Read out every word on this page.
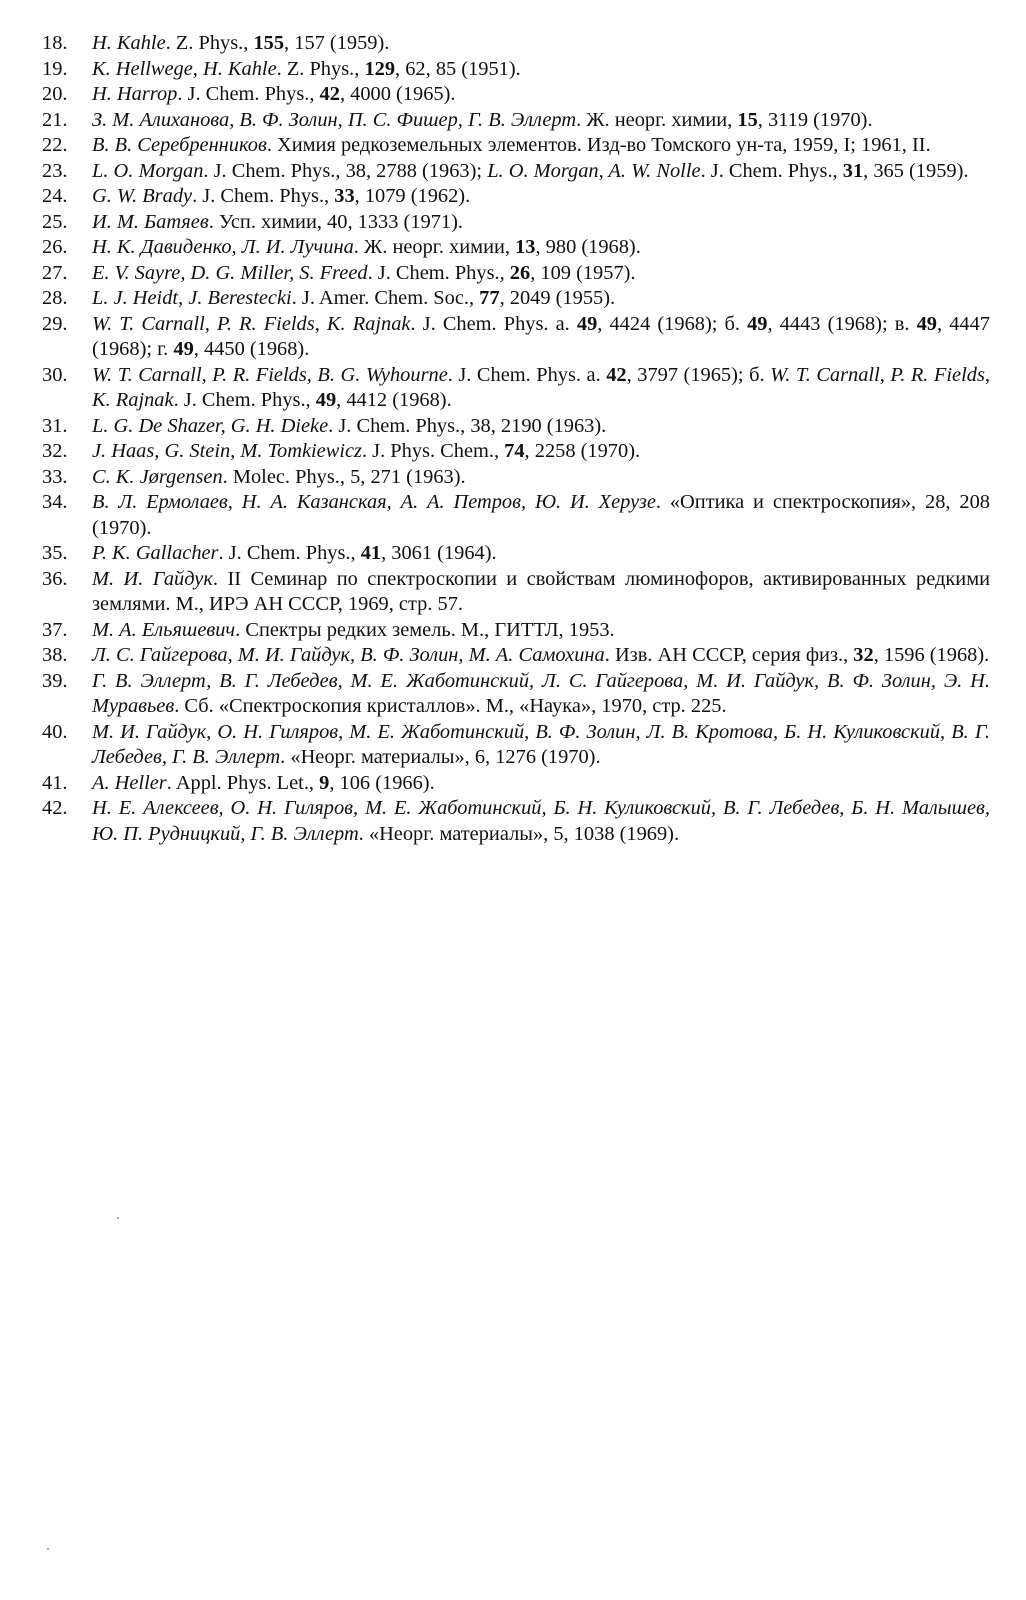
18.	H. Kahle. Z. Phys., 155, 157 (1959).
19.	K. Hellwege, H. Kahle. Z. Phys., 129, 62, 85 (1951).
20.	H. Harrop. J. Chem. Phys., 42, 4000 (1965).
21.	З. М. Алиханова, В. Ф. Золин, П. С. Фишер, Г. В. Эллерт. Ж. неорг. химии, 15, 3119 (1970).
22.	В. В. Серебренников. Химия редкоземельных элементов. Изд-во Томского ун-та, 1959, I; 1961, II.
23.	L. O. Morgan. J. Chem. Phys., 38, 2788 (1963); L. O. Morgan, A. W. Nolle. J. Chem. Phys., 31, 365 (1959).
24.	G. W. Brady. J. Chem. Phys., 33, 1079 (1962).
25.	И. М. Батяев. Усп. химии, 40, 1333 (1971).
26.	Н. К. Давиденко, Л. И. Лучина. Ж. неорг. химии, 13, 980 (1968).
27.	E. V. Sayre, D. G. Miller, S. Freed. J. Chem. Phys., 26, 109 (1957).
28.	L. J. Heidt, J. Berestecki. J. Amer. Chem. Soc., 77, 2049 (1955).
29.	W. T. Carnall, P. R. Fields, K. Rajnak. J. Chem. Phys. а. 49, 4424 (1968); б. 49, 4443 (1968); в. 49, 4447 (1968); г. 49, 4450 (1968).
30.	W. T. Carnall, P. R. Fields, B. G. Wyhourne. J. Chem. Phys. а. 42, 3797 (1965); б. W. T. Carnall, P. R. Fields, K. Rajnak. J. Chem. Phys., 49, 4412 (1968).
31.	L. G. De Shazer, G. H. Dieke. J. Chem. Phys., 38, 2190 (1963).
32.	J. Haas, G. Stein, M. Tomkiewicz. J. Phys. Chem., 74, 2258 (1970).
33.	C. K. Jørgensen. Molec. Phys., 5, 271 (1963).
34.	В. Л. Ермолаев, Н. А. Казанская, А. А. Петров, Ю. И. Херузе. «Оптика и спектроскопия», 28, 208 (1970).
35.	P. K. Gallacher. J. Chem. Phys., 41, 3061 (1964).
36.	М. И. Гайдук. II Семинар по спектроскопии и свойствам люминофоров, активированных редкими землями. М., ИРЭ АН СССР, 1969, стр. 57.
37.	М. А. Ельяшевич. Спектры редких земель. М., ГИТТЛ, 1953.
38.	Л. С. Гайгерова, М. И. Гайдук, В. Ф. Золин, М. А. Самохина. Изв. АН СССР, серия физ., 32, 1596 (1968).
39.	Г. В. Эллерт, В. Г. Лебедев, М. Е. Жаботинский, Л. С. Гайгерова, М. И. Гайдук, В. Ф. Золин, Э. Н. Муравьев. Сб. «Спектроскопия кристаллов». М., «Наука», 1970, стр. 225.
40.	М. И. Гайдук, О. Н. Гиляров, М. Е. Жаботинский, В. Ф. Золин, Л. В. Кротова, Б. Н. Куликовский, В. Г. Лебедев, Г. В. Эллерт. «Неорг. материалы», 6, 1276 (1970).
41.	A. Heller. Appl. Phys. Let., 9, 106 (1966).
42.	Н. Е. Алексеев, О. Н. Гиляров, М. Е. Жаботинский, Б. Н. Куликовский, В. Г. Лебедев, Б. Н. Малышев, Ю. П. Рудницкий, Г. В. Эллерт. «Неорг. материалы», 5, 1038 (1969).
